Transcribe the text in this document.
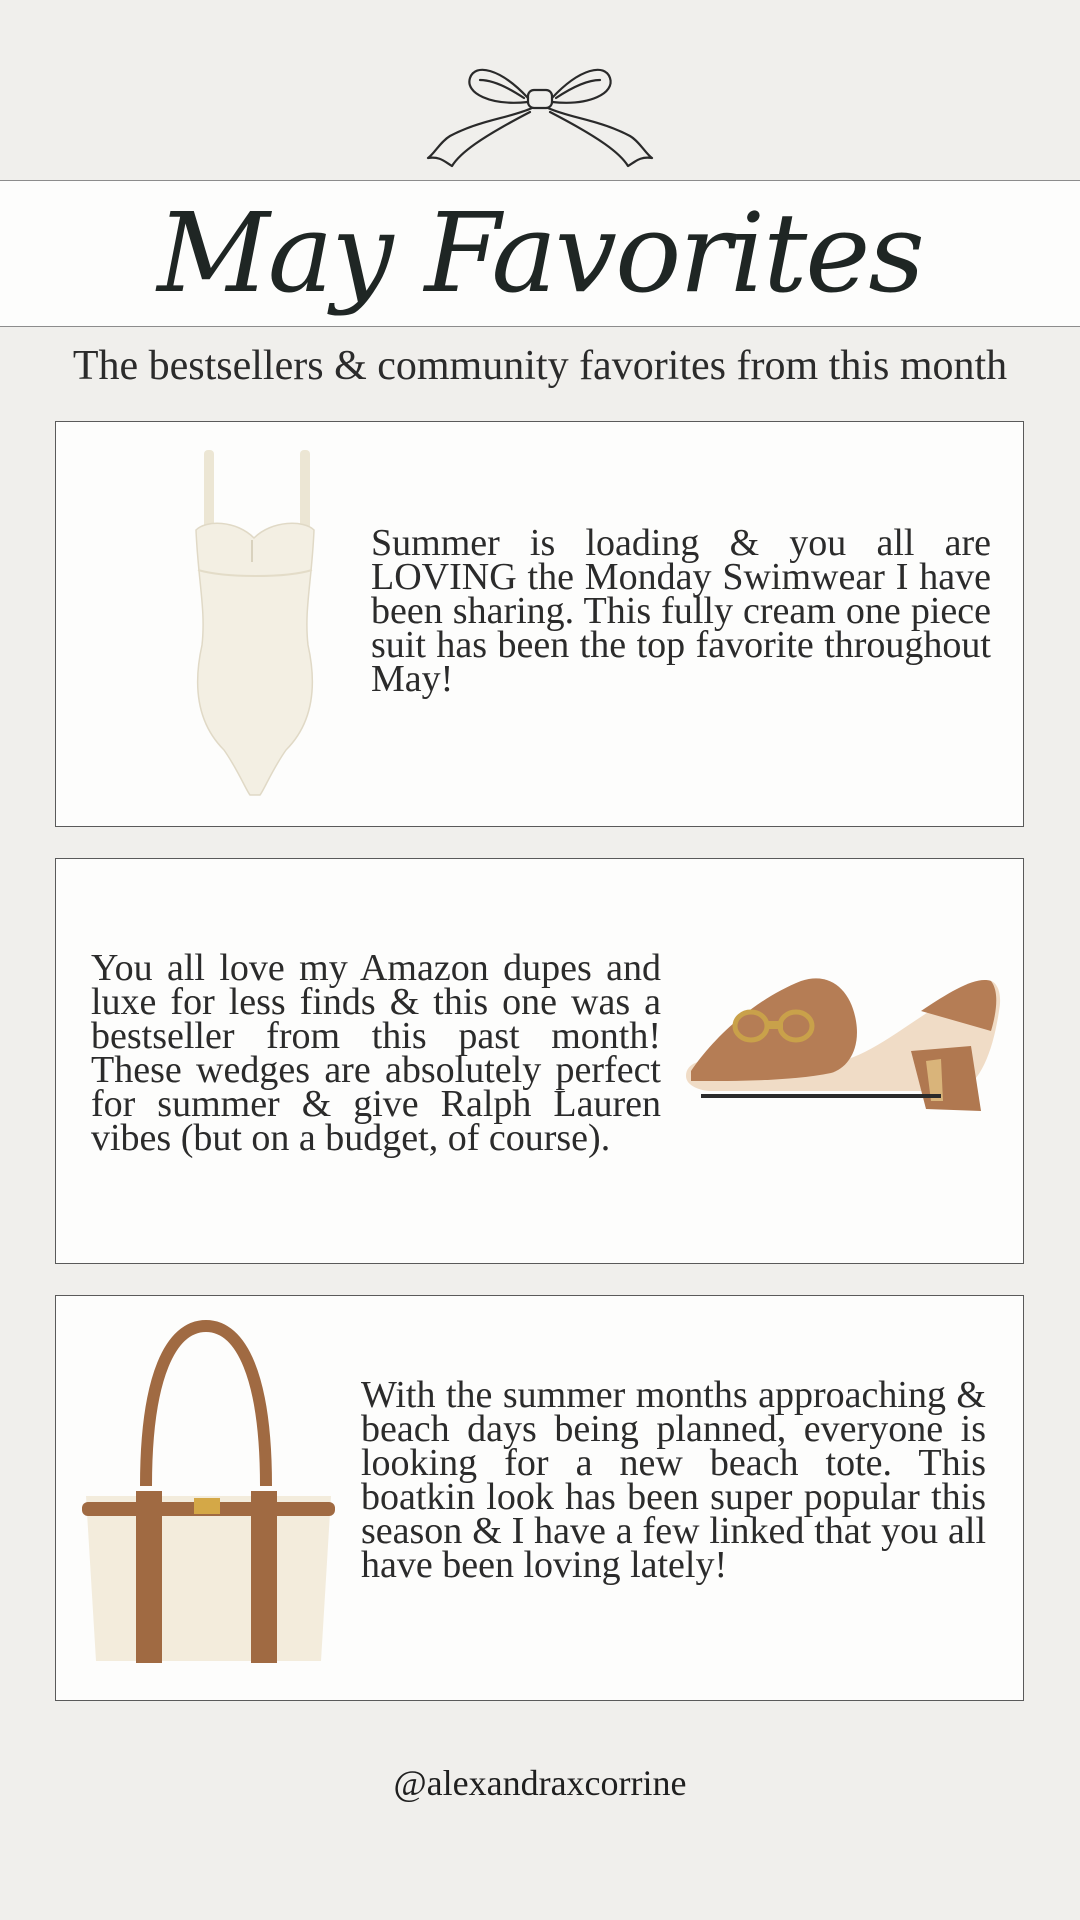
May Favorites

The bestsellers & community favorites from this month

Summer is loading & you all are LOVING the Monday Swimwear I have been sharing. This fully cream one piece suit has been the top favorite throughout May!

You all love my Amazon dupes and luxe for less finds & this one was a bestseller from this past month! These wedges are absolutely perfect for summer & give Ralph Lauren vibes (but on a budget, of course).

With the summer months approaching & beach days being planned, everyone is looking for a new beach tote. This boatkin look has been super popular this season & I have a few linked that you all have been loving lately!

@alexandraxcorrine
